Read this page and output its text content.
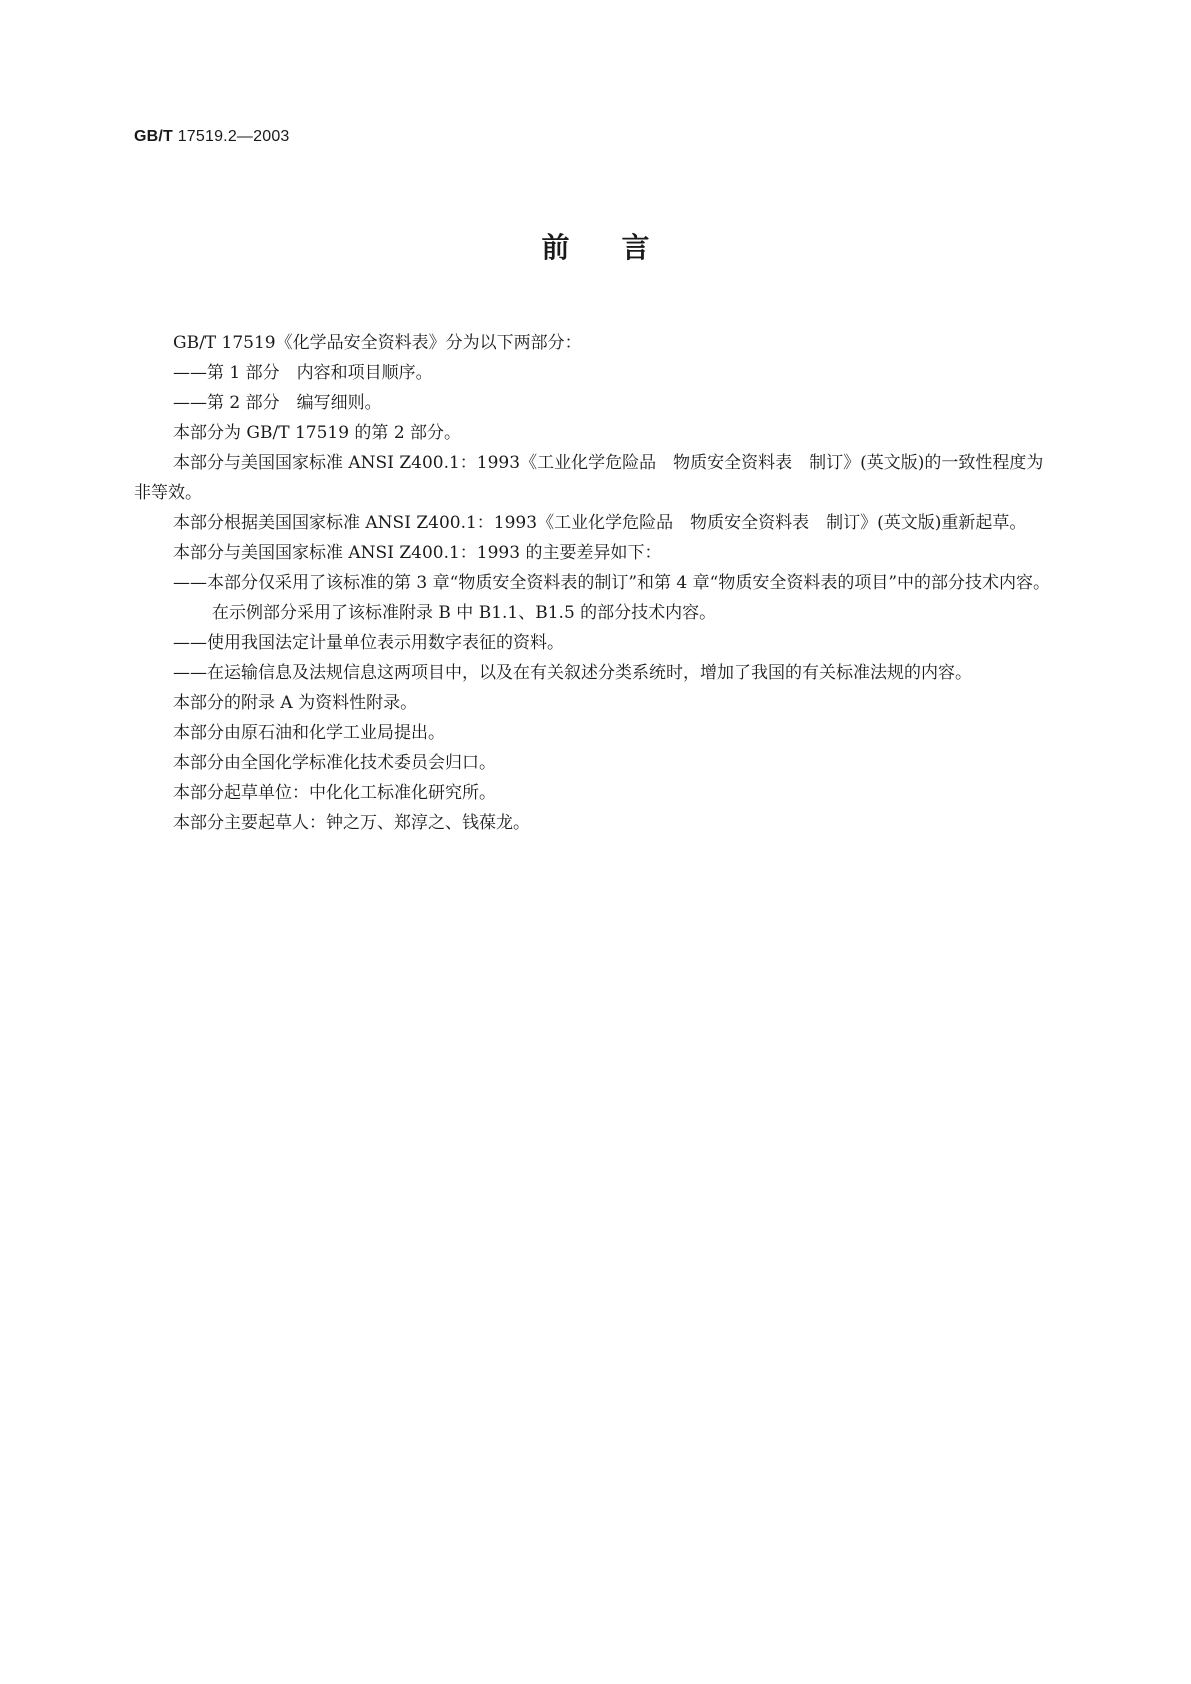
GB/T 17519.2—2003
前言

GB/T 17519《化学品安全资料表》分为以下两部分：

——第 1 部分　内容和项目顺序。

——第 2 部分　编写细则。

本部分为 GB/T 17519 的第 2 部分。

本部分与美国国家标准 ANSI Z400.1：1993《工业化学危险品　物质安全资料表　制订》(英文版)的一致性程度为非等效。

本部分根据美国国家标准 ANSI Z400.1：1993《工业化学危险品　物质安全资料表　制订》(英文版)重新起草。

本部分与美国国家标准 ANSI Z400.1：1993 的主要差异如下：

——本部分仅采用了该标准的第 3 章“物质安全资料表的制订”和第 4 章“物质安全资料表的项目”中的部分技术内容。在示例部分采用了该标准附录 B 中 B1.1、B1.5 的部分技术内容。

——使用我国法定计量单位表示用数字表征的资料。

——在运输信息及法规信息这两项目中，以及在有关叙述分类系统时，增加了我国的有关标准法规的内容。

本部分的附录 A 为资料性附录。

本部分由原石油和化学工业局提出。

本部分由全国化学标准化技术委员会归口。

本部分起草单位：中化化工标准化研究所。

本部分主要起草人：钟之万、郑淳之、钱葆龙。
